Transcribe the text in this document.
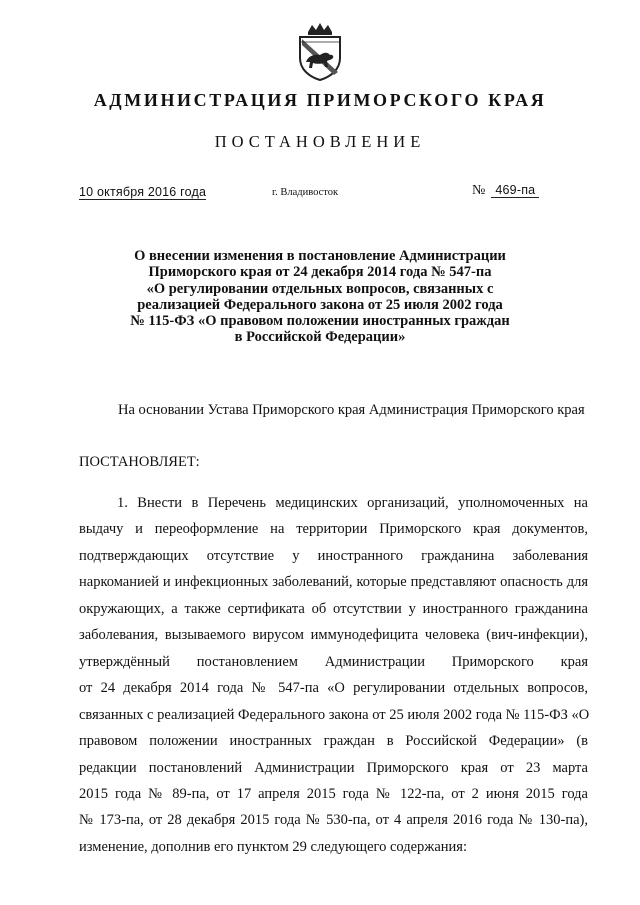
АДМИНИСТРАЦИЯ ПРИМОРСКОГО КРАЯ
ПОСТАНОВЛЕНИЕ
10 октября 2016 года	г. Владивосток	№ 469-па
О внесении изменения в постановление Администрации
Приморского края от 24 декабря 2014 года № 547-па
«О регулировании отдельных вопросов, связанных с
реализацией Федерального закона от 25 июля 2002 года
№ 115-ФЗ «О правовом положении иностранных граждан
в Российской Федерации»
На основании Устава Приморского края Администрация Приморского края
ПОСТАНОВЛЯЕТ:
1. Внести в Перечень медицинских организаций, уполномоченных на
выдачу и переоформление на территории Приморского края документов,
подтверждающих отсутствие у иностранного гражданина заболевания
наркоманией и инфекционных заболеваний, которые представляют опасность для
окружающих, а также сертификата об отсутствии у иностранного гражданина
заболевания, вызываемого вирусом иммунодефицита человека (вич-инфекции),
утверждённый постановлением Администрации Приморского края
от 24 декабря 2014 года № 547-па «О регулировании отдельных вопросов,
связанных с реализацией Федерального закона от 25 июля 2002 года № 115-ФЗ «О
правовом положении иностранных граждан в Российской Федерации» (в
редакции постановлений Администрации Приморского края от 23 марта
2015 года № 89-па, от 17 апреля 2015 года № 122-па, от 2 июня 2015 года
№ 173-па, от 28 декабря 2015 года № 530-па, от 4 апреля 2016 года № 130-па),
изменение, дополнив его пунктом 29 следующего содержания:
